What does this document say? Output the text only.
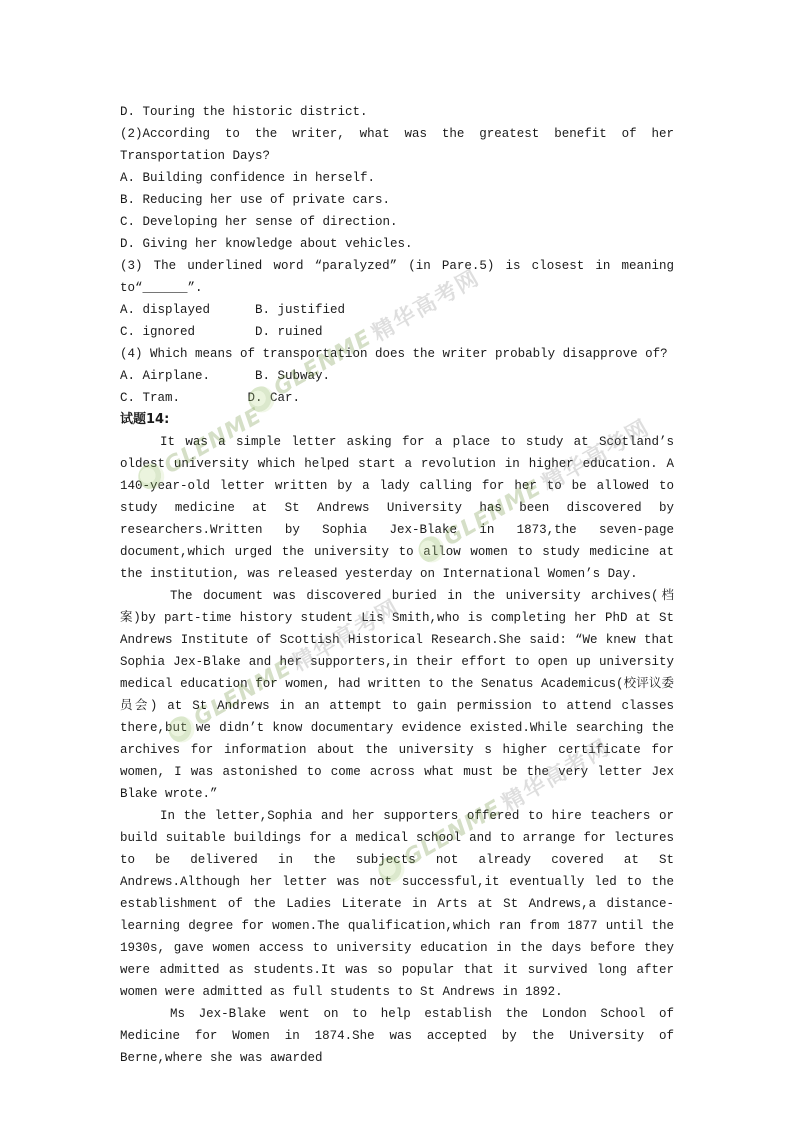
D. Touring the historic district.
(2)According to the writer, what was the greatest benefit of her
Transportation Days?
A. Building confidence in herself.
B. Reducing her use of private cars.
C. Developing her sense of direction.
D. Giving her knowledge about vehicles.
(3) The underlined word “paralyzed” (in Pare.5) is closest in meaning
to“______”.
A. displayed      B. justified
C. ignored        D. ruined
(4) Which means of transportation does the writer probably disapprove of?
A. Airplane.      B. Subway.
C. Tram.         D. Car.
试题14:

It was a simple letter asking for a place to study at Scotland’s oldest university which helped start a revolution in higher education. A 140-year-old letter written by a lady calling for her to be allowed to study medicine at St Andrews University has been discovered by researchers.Written by Sophia Jex-Blake in 1873,the seven-page document,which urged the university to allow women to study medicine at the institution, was released yesterday on International Women’s Day.

The document was discovered buried in the university archives(档案)by part-time history student Lis Smith,who is completing her PhD at St Andrews Institute of Scottish Historical Research.She said: “We knew that Sophia Jex-Blake and her supporters,in their effort to open up university medical education for women, had written to the Senatus Academicus(校评议委员会) at St Andrews in an attempt to gain permission to attend classes there,but we didn’t know documentary evidence existed.While searching the archives for information about the university s higher certificate for women, I was astonished to come across what must be the very letter Jex Blake wrote.”

In the letter,Sophia and her supporters offered to hire teachers or build suitable buildings for a medical school and to arrange for lectures to be delivered in the subjects not already covered at St Andrews.Although her letter was not successful,it eventually led to the establishment of the Ladies Literate in Arts at St Andrews,a distance-learning degree for women.The qualification,which ran from 1877 until the 1930s, gave women access to university education in the days before they were admitted as students.It was so popular that it survived long after women were admitted as full students to St Andrews in 1892.

Ms Jex-Blake went on to help establish the London School of Medicine for Women in 1874.She was accepted by the University of Berne,where she was awarded

GLENME
精华高考网
GLENME
GLENME
精华高考网
GLENME
精华高考网
GLENME
精华高考网
